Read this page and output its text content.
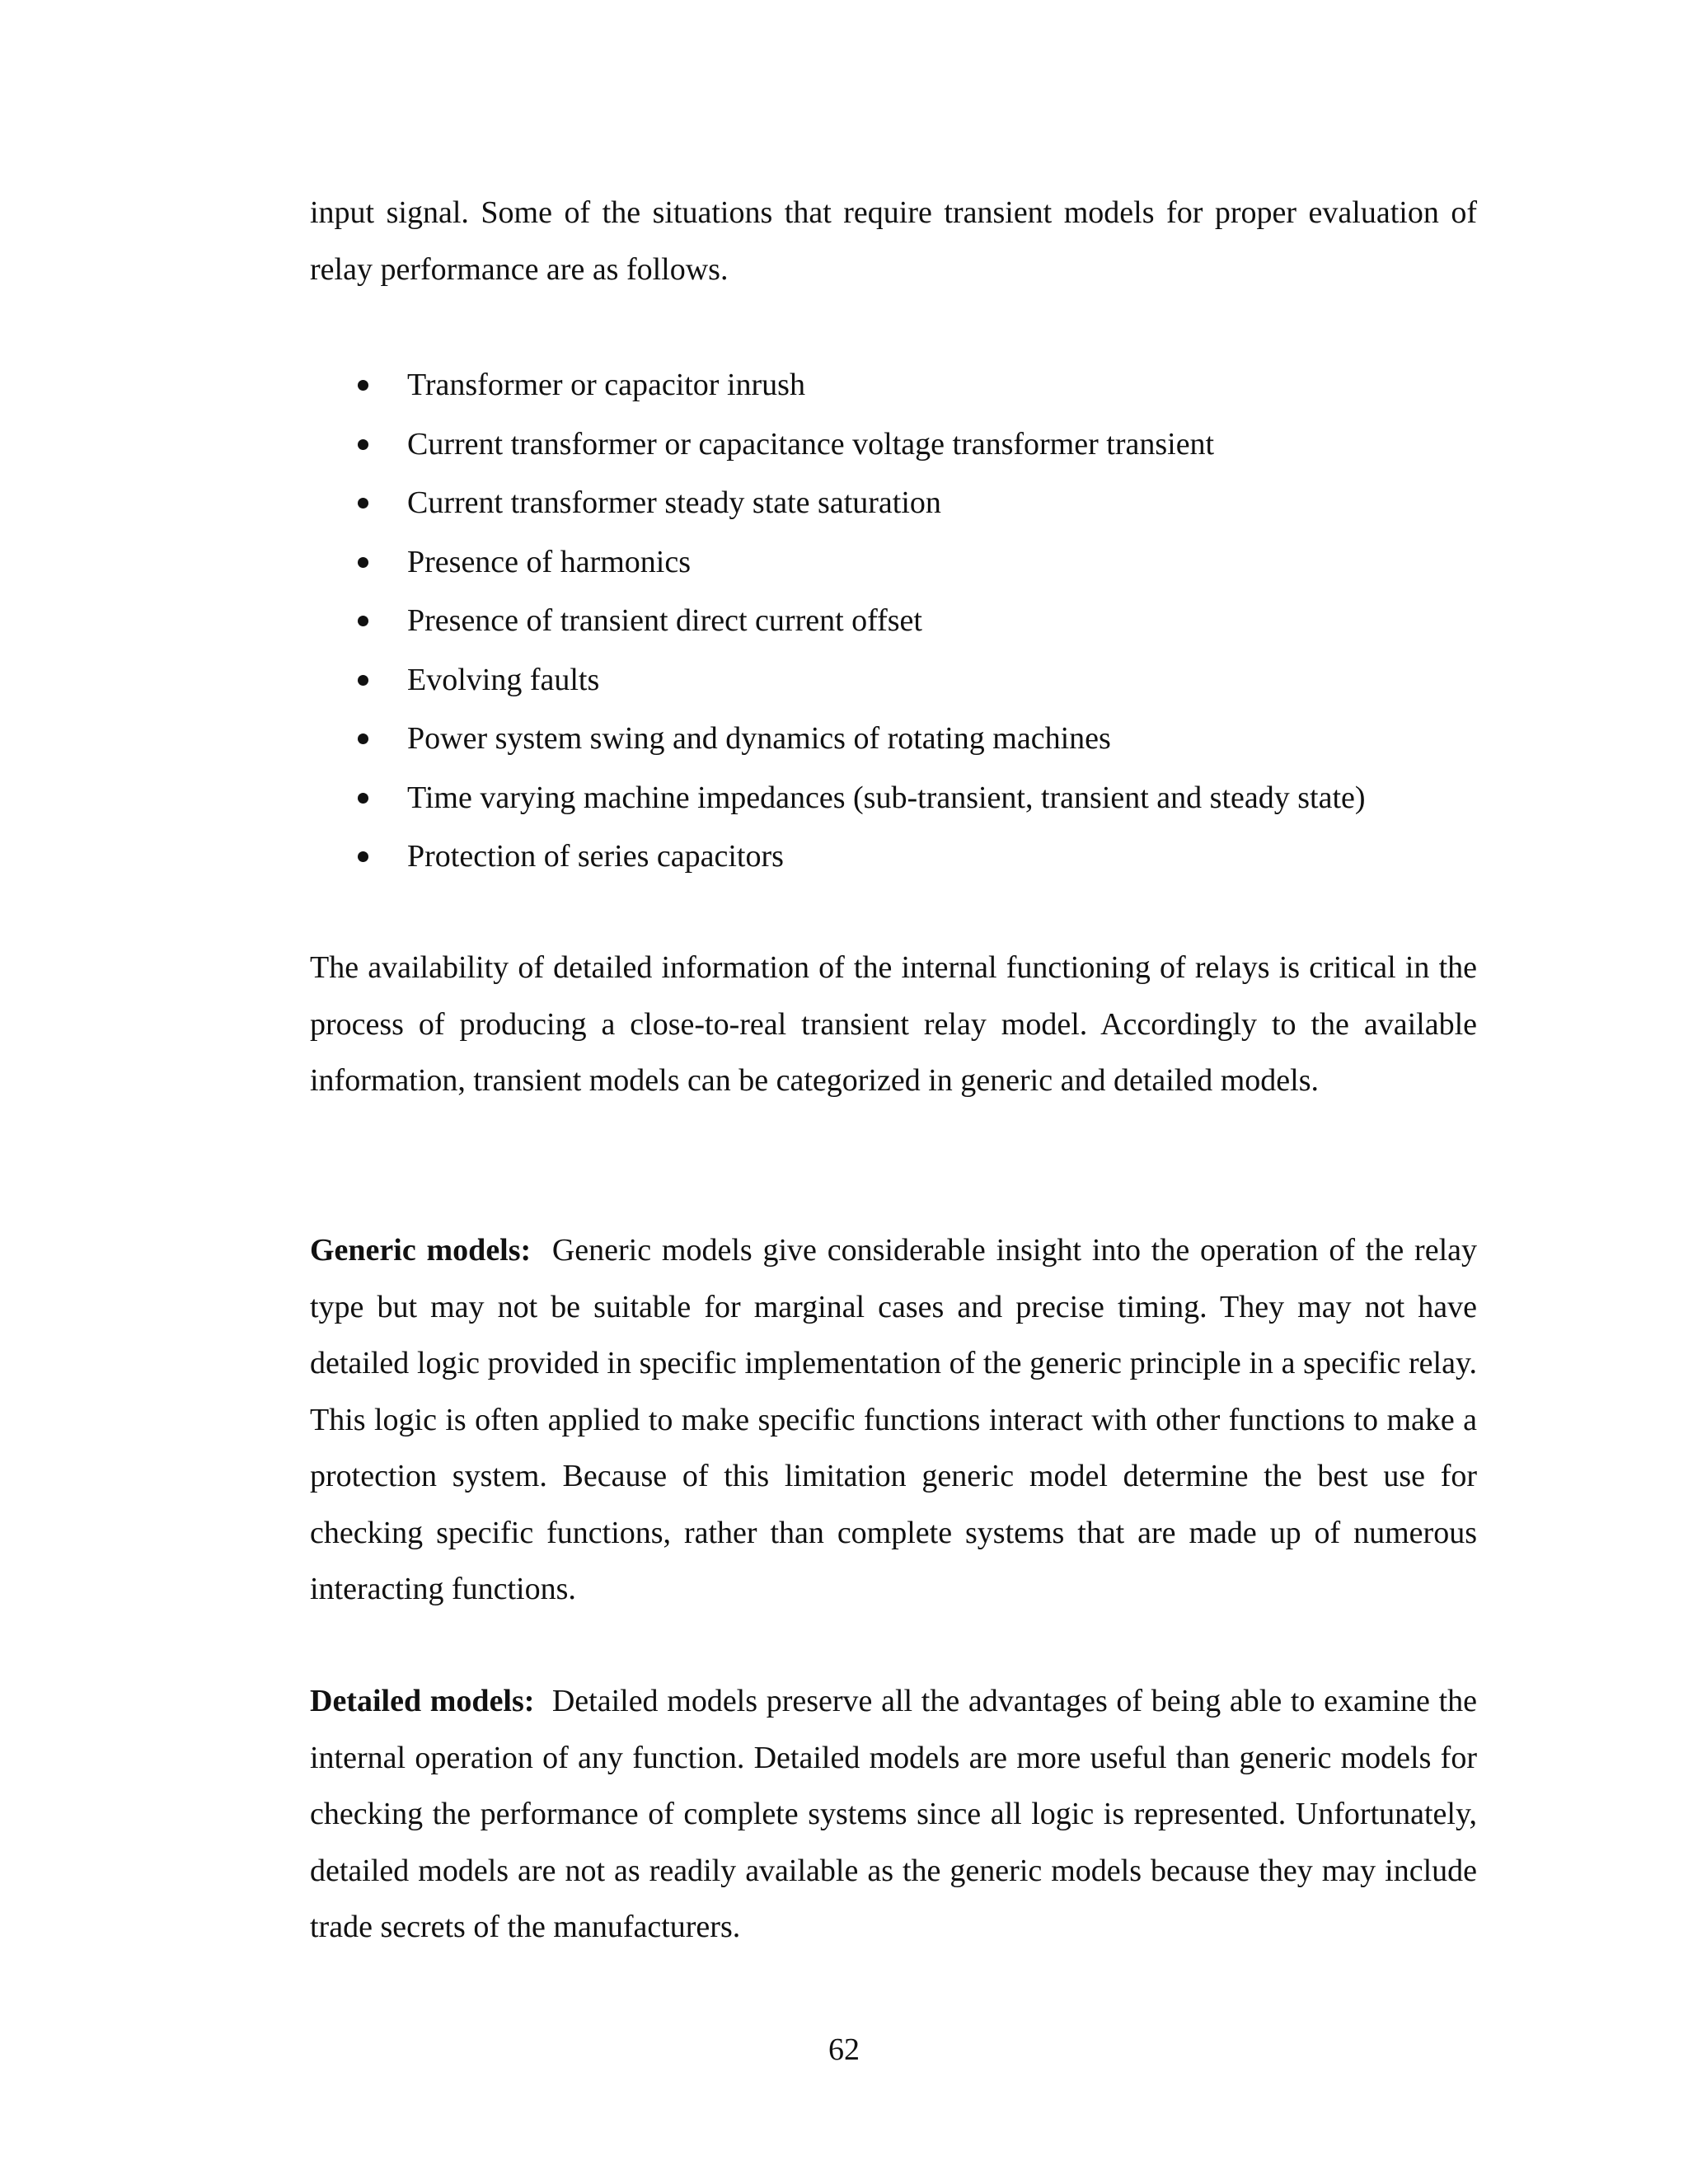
input signal. Some of the situations that require transient models for proper evaluation of relay performance are as follows.

Transformer or capacitor inrush
Current transformer or capacitance voltage transformer transient
Current transformer steady state saturation
Presence of harmonics
Presence of transient direct current offset
Evolving faults
Power system swing and dynamics of rotating machines
Time varying machine impedances (sub-transient, transient and steady state)
Protection of series capacitors

The availability of detailed information of the internal functioning of relays is critical in the process of producing a close-to-real transient relay model. Accordingly to the available information, transient models can be categorized in generic and detailed models.

Generic models: Generic models give considerable insight into the operation of the relay type but may not be suitable for marginal cases and precise timing. They may not have detailed logic provided in specific implementation of the generic principle in a specific relay. This logic is often applied to make specific functions interact with other functions to make a protection system. Because of this limitation generic model determine the best use for checking specific functions, rather than complete systems that are made up of numerous interacting functions.

Detailed models: Detailed models preserve all the advantages of being able to examine the internal operation of any function. Detailed models are more useful than generic models for checking the performance of complete systems since all logic is represented. Unfortunately, detailed models are not as readily available as the generic models because they may include trade secrets of the manufacturers.

62
